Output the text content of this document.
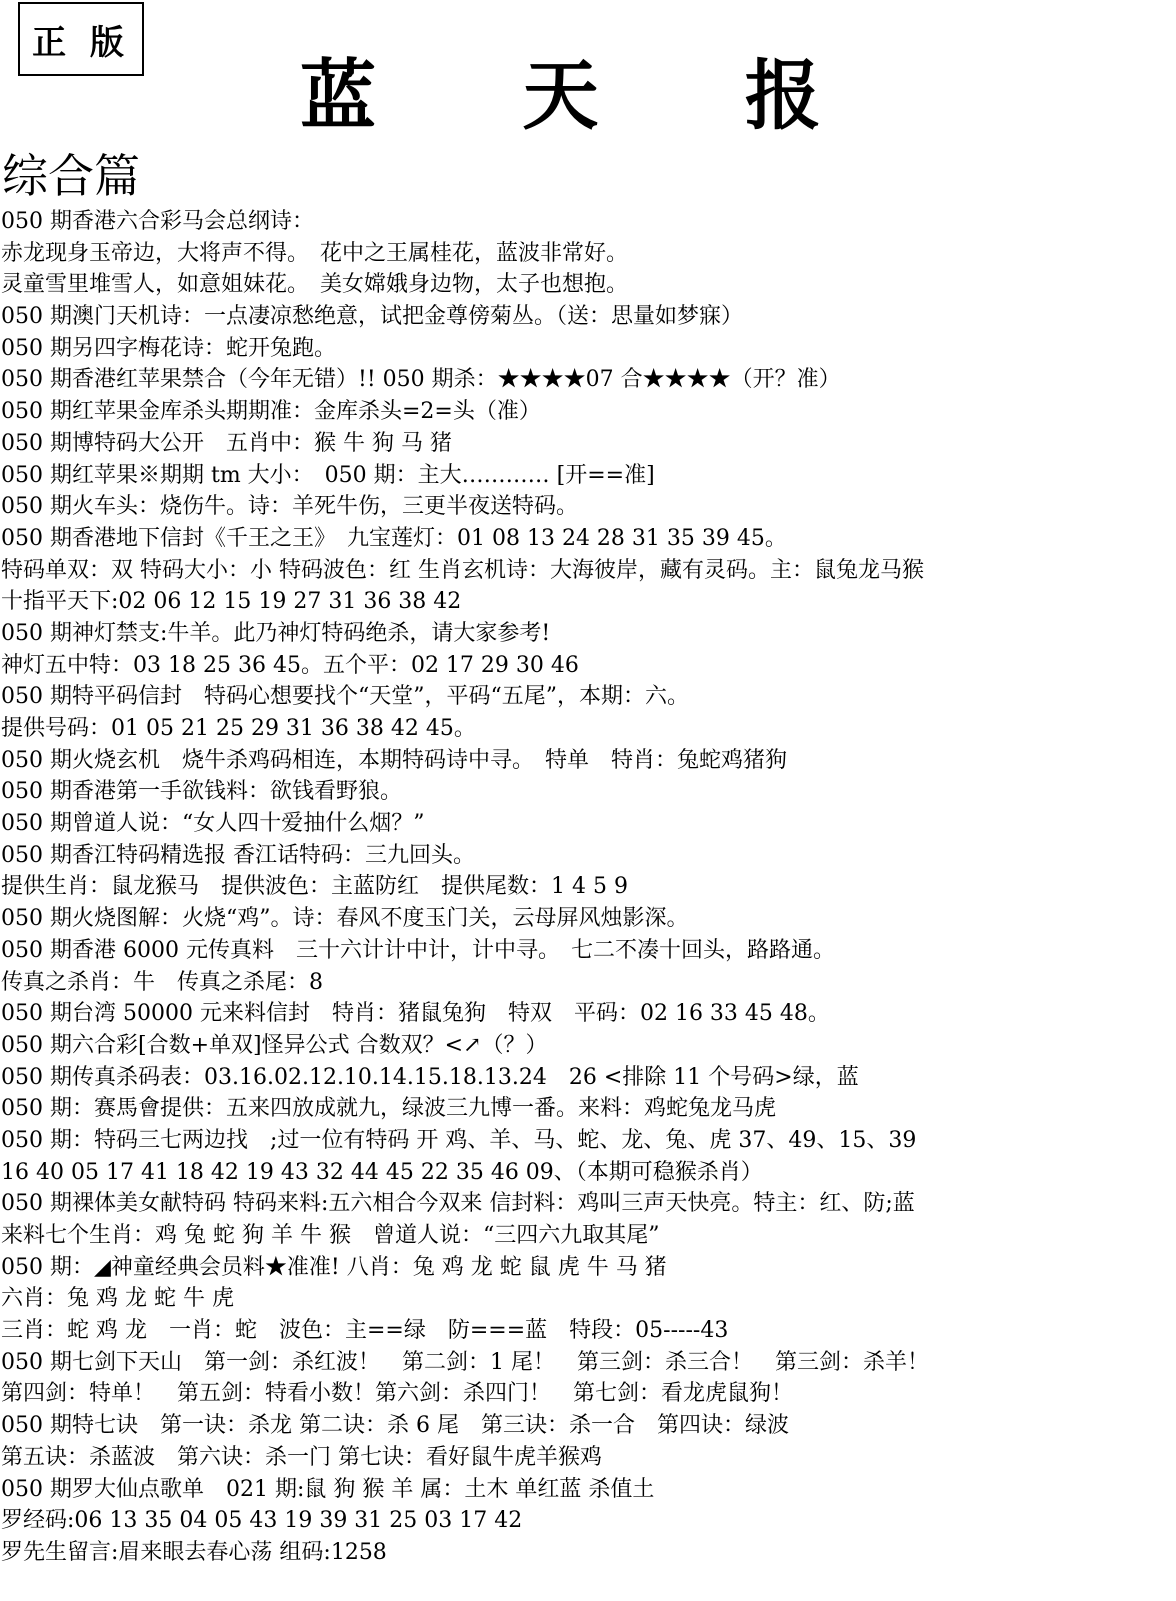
正 版
蓝 天 报
综合篇
050 期香港六合彩马会总纲诗：
赤龙现身玉帝边，大将声不得。　花中之王属桂花，蓝波非常好。
灵童雪里堆雪人，如意姐妹花。　美女嫦娥身边物，太子也想抱。
050 期澳门天机诗：一点凄凉愁绝意，试把金尊傍菊丛。（送：思量如梦寐）
050 期另四字梅花诗：蛇开兔跑。
050 期香港红苹果禁合（今年无错）!! 050 期杀：★★★★07 合★★★★（开？准）
050 期红苹果金库杀头期期准：金库杀头=2=头（准）
050 期博特码大公开　五肖中：猴 牛 狗 马 猪
050 期红苹果※期期 tm 大小：　050 期：主大………… [开==准]
050 期火车头：烧伤牛。诗：羊死牛伤，三更半夜送特码。
050 期香港地下信封《千王之王》　九宝莲灯：01 08 13 24 28 31 35 39 45。
特码单双：双 特码大小：小 特码波色：红 生肖玄机诗：大海彼岸，藏有灵码。主：鼠兔龙马猴
十指平天下:02 06 12 15 19 27 31 36 38 42
050 期神灯禁支:牛羊。此乃神灯特码绝杀，请大家参考!
神灯五中特：03 18 25 36 45。五个平：02 17 29 30 46
050 期特平码信封　特码心想要找个“天堂”，平码“五尾”，本期：六。
提供号码：01 05 21 25 29 31 36 38 42 45。
050 期火烧玄机　烧牛杀鸡码相连，本期特码诗中寻。　特单　特肖：兔蛇鸡猪狗
050 期香港第一手欲钱料：欲钱看野狼。
050 期曾道人说：“女人四十爱抽什么烟？”
050 期香江特码精选报 香江话特码：三九回头。
提供生肖：鼠龙猴马　提供波色：主蓝防红　提供尾数：1 4 5 9
050 期火烧图解：火烧“鸡”。诗：春风不度玉门关，云母屏风烛影深。
050 期香港 6000 元传真料　三十六计计中计，计中寻。　七二不凑十回头，路路通。
传真之杀肖：牛　传真之杀尾：8
050 期台湾 50000 元来料信封　特肖：猪鼠兔狗　特双　平码：02 16 33 45 48。
050 期六合彩[合数+单双]怪异公式 合数双？<↗（？）
050 期传真杀码表：03.16.02.12.10.14.15.18.13.24　26 <排除 11 个号码>绿，蓝
050 期：赛馬會提供：五来四放成就九，绿波三九博一番。来料：鸡蛇兔龙马虎
050 期：特码三七两边找　;过一位有特码 开 鸡、羊、马、蛇、龙、兔、虎 37、49、15、39
16 40 05 17 41 18 42 19 43 32 44 45 22 35 46 09、（本期可稳猴杀肖）
050 期裸体美女献特码 特码来料:五六相合今双来 信封料：鸡叫三声天快亮。特主：红、防;蓝
来料七个生肖：鸡 兔 蛇 狗 羊 牛 猴　曾道人说：“三四六九取其尾”
050 期：◢神童经典会员料★准准! 八肖：兔 鸡 龙 蛇 鼠 虎 牛 马 猪
六肖：兔 鸡 龙 蛇 牛 虎
三肖：蛇 鸡 龙　一肖：蛇　波色：主==绿　防===蓝　特段：05-----43
050 期七剑下天山　第一剑：杀红波！　第二剑：1 尾！　第三剑：杀三合！　第三剑：杀羊！
第四剑：特单！　第五剑：特看小数！第六剑：杀四门！　第七剑：看龙虎鼠狗！
050 期特七诀　第一诀：杀龙 第二诀：杀 6 尾　第三诀：杀一合　第四诀：绿波
第五诀：杀蓝波　第六诀：杀一门 第七诀：看好鼠牛虎羊猴鸡
050 期罗大仙点歌单　021 期:鼠 狗 猴 羊 属：土木 单红蓝 杀值土
罗经码:06 13 35 04 05 43 19 39 31 25 03 17 42
罗先生留言:眉来眼去春心荡 组码:1258
